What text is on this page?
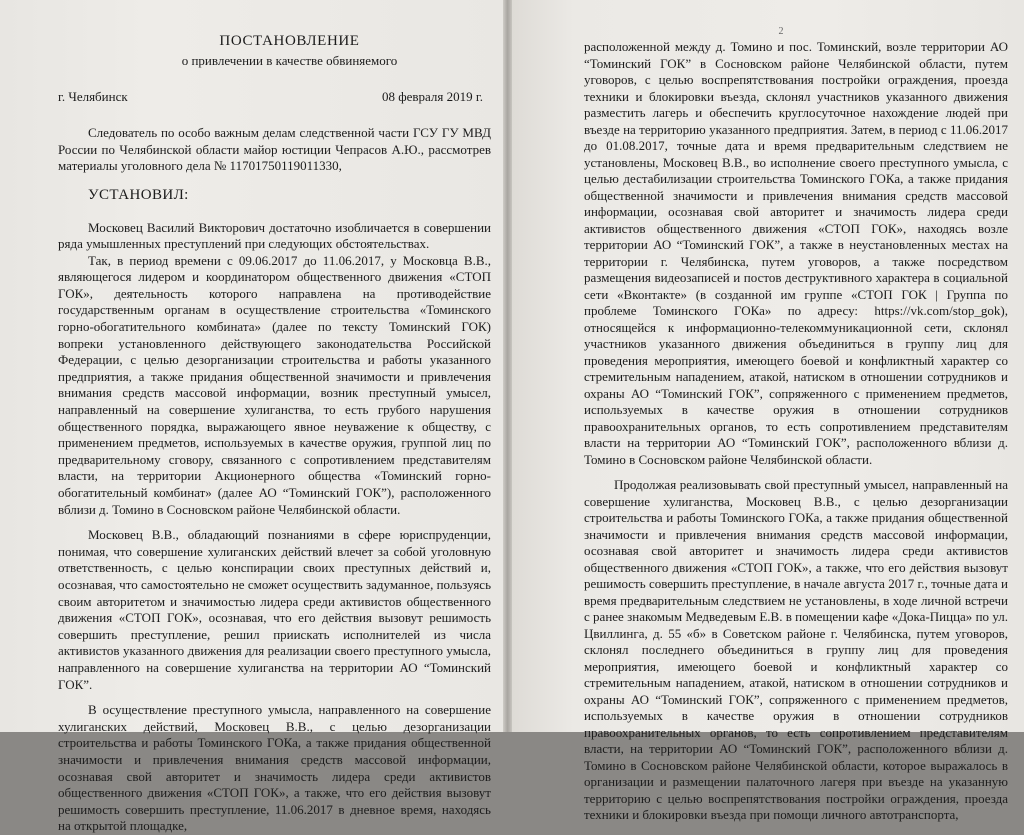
ПОСТАНОВЛЕНИЕ
о привлечении в качестве обвиняемого
г. Челябинск	08 февраля 2019 г.

Следователь по особо важным делам следственной части ГСУ ГУ МВД России по Челябинской области майор юстиции Чепрасов А.Ю., рассмотрев материалы уголовного дела № 11701750119011330,

УСТАНОВИЛ:

Московец Василий Викторович достаточно изобличается в совершении ряда умышленных преступлений при следующих обстоятельствах.

Так, в период времени с 09.06.2017 до 11.06.2017, у Московца В.В., являющегося лидером и координатором общественного движения «СТОП ГОК», деятельность которого направлена на противодействие государственным органам в осуществление строительства «Томинского горно-обогатительного комбината» (далее по тексту Томинский ГОК) вопреки установленного действующего законодательства Российской Федерации, с целью дезорганизации строительства и работы указанного предприятия, а также придания общественной значимости и привлечения внимания средств массовой информации, возник преступный умысел, направленный на совершение хулиганства, то есть грубого нарушения общественного порядка, выражающего явное неуважение к обществу, с применением предметов, используемых в качестве оружия, группой лиц по предварительному сговору, связанного с сопротивлением представителям власти, на территории Акционерного общества «Томинский горно-обогатительный комбинат» (далее АО “Томинский ГОК”), расположенного вблизи д. Томино в Сосновском районе Челябинской области.

Московец В.В., обладающий познаниями в сфере юриспруденции, понимая, что совершение хулиганских действий влечет за собой уголовную ответственность, с целью конспирации своих преступных действий и, осознавая, что самостоятельно не сможет осуществить задуманное, пользуясь своим авторитетом и значимостью лидера среди активистов общественного движения «СТОП ГОК», осознавая, что его действия вызовут решимость совершить преступление, решил приискать исполнителей из числа активистов указанного движения для реализации своего преступного умысла, направленного на совершение хулиганства на территории АО “Томинский ГОК”.

В осуществление преступного умысла, направленного на совершение хулиганских действий, Московец В.В., с целью дезорганизации строительства и работы Томинского ГОКа, а также придания общественной значимости и привлечения внимания средств массовой информации, осознавая свой авторитет и значимость лидера среди активистов общественного движения «СТОП ГОК», а также, что его действия вызовут решимость совершить преступление, 11.06.2017 в дневное время, находясь на открытой площадке,

2

расположенной между д. Томино и пос. Томинский, возле территории АО “Томинский ГОК” в Сосновском районе Челябинской области, путем уговоров, с целью воспрепятствования постройки ограждения, проезда техники и блокировки въезда, склонял участников указанного движения разместить лагерь и обеспечить круглосуточное нахождение людей при въезде на территорию указанного предприятия. Затем, в период с 11.06.2017 до 01.08.2017, точные дата и время предварительным следствием не установлены, Московец В.В., во исполнение своего преступного умысла, с целью дестабилизации строительства Томинского ГОКа, а также придания общественной значимости и привлечения внимания средств массовой информации, осознавая свой авторитет и значимость лидера среди активистов общественного движения «СТОП ГОК», находясь возле территории АО “Томинский ГОК”, а также в неустановленных местах на территории г. Челябинска, путем уговоров, а также посредством размещения видеозаписей и постов деструктивного характера в социальной сети «Вконтакте» (в созданной им группе «СТОП ГОК | Группа по проблеме Томинского ГОКа» по адресу: https://vk.com/stop_gok), относящейся к информационно-телекоммуникационной сети, склонял участников указанного движения объединиться в группу лиц для проведения мероприятия, имеющего боевой и конфликтный характер со стремительным нападением, атакой, натиском в отношении сотрудников и охраны АО “Томинский ГОК”, сопряженного с применением предметов, используемых в качестве оружия в отношении сотрудников правоохранительных органов, то есть сопротивлением представителям власти на территории АО “Томинский ГОК”, расположенного вблизи д. Томино в Сосновском районе Челябинской области.

Продолжая реализовывать свой преступный умысел, направленный на совершение хулиганства, Московец В.В., с целью дезорганизации строительства и работы Томинского ГОКа, а также придания общественной значимости и привлечения внимания средств массовой информации, осознавая свой авторитет и значимость лидера среди активистов общественного движения «СТОП ГОК», а также, что его действия вызовут решимость совершить преступление, в начале августа 2017 г., точные дата и время предварительным следствием не установлены, в ходе личной встречи с ранее знакомым Медведевым Е.В. в помещении кафе «Дока-Пицца» по ул. Цвиллинга, д. 55 «б» в Советском районе г. Челябинска, путем уговоров, склонял последнего объединиться в группу лиц для проведения мероприятия, имеющего боевой и конфликтный характер со стремительным нападением, атакой, натиском в отношении сотрудников и охраны АО “Томинский ГОК”, сопряженного с применением предметов, используемых в качестве оружия в отношении сотрудников правоохранительных органов, то есть сопротивлением представителям власти, на территории АО “Томинский ГОК”, расположенного вблизи д. Томино в Сосновском районе Челябинской области, которое выражалось в организации и размещении палаточного лагеря при въезде на указанную территорию с целью воспрепятствования постройки ограждения, проезда техники и блокировки въезда при помощи личного автотранспорта,
